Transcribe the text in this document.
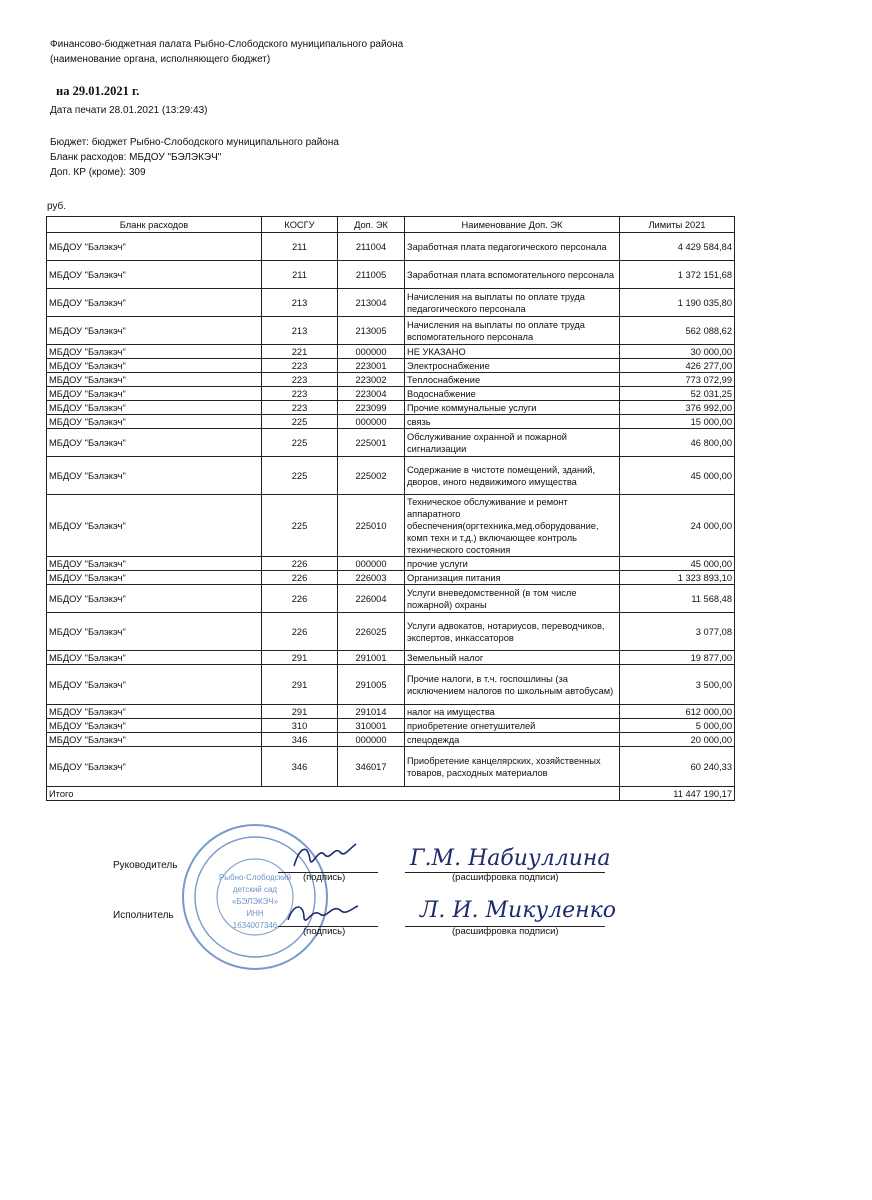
Финансово-бюджетная палата Рыбно-Слободского муниципального района
(наименование органа, исполняющего бюджет)
на 29.01.2021 г.
Дата печати 28.01.2021 (13:29:43)
Бюджет: бюджет Рыбно-Слободского муниципального района
Бланк расходов: МБДОУ "БЭЛЭКЭЧ"
Доп. КР (кроме): 309
руб.
Бланк расходов	КОСГУ	Доп. ЭК	Наименование Доп. ЭК	Лимиты 2021
МБДОУ "Бэлэкэч"	211	211004	Заработная плата педагогического персонала	4 429 584,84
МБДОУ "Бэлэкэч"	211	211005	Заработная плата вспомогательного персонала	1 372 151,68
МБДОУ "Бэлэкэч"	213	213004	Начисления на выплаты по оплате труда педагогического персонала	1 190 035,80
МБДОУ "Бэлэкэч"	213	213005	Начисления на выплаты по оплате труда вспомогательного персонала	562 088,62
МБДОУ "Бэлэкэч"	221	000000	НЕ УКАЗАНО	30 000,00
МБДОУ "Бэлэкэч"	223	223001	Электроснабжение	426 277,00
МБДОУ "Бэлэкэч"	223	223002	Теплоснабжение	773 072,99
МБДОУ "Бэлэкэч"	223	223004	Водоснабжение	52 031,25
МБДОУ "Бэлэкэч"	223	223099	Прочие коммунальные услуги	376 992,00
МБДОУ "Бэлэкэч"	225	000000	связь	15 000,00
МБДОУ "Бэлэкэч"	225	225001	Обслуживание охранной и пожарной сигнализации	46 800,00
МБДОУ "Бэлэкэч"	225	225002	Содержание в чистоте помещений, зданий, дворов, иного недвижимого имущества	45 000,00
МБДОУ "Бэлэкэч"	225	225010	Техническое обслуживание и ремонт аппаратного обеспечения(оргтехника,мед.оборудование, комп техн и т.д.) включающее контроль технического состояния	24 000,00
МБДОУ "Бэлэкэч"	226	000000	прочие услуги	45 000,00
МБДОУ "Бэлэкэч"	226	226003	Организация питания	1 323 893,10
МБДОУ "Бэлэкэч"	226	226004	Услуги вневедомственной (в том числе пожарной) охраны	11 568,48
МБДОУ "Бэлэкэч"	226	226025	Услуги адвокатов, нотариусов, переводчиков, экспертов, инкассаторов	3 077,08
МБДОУ "Бэлэкэч"	291	291001	Земельный налог	19 877,00
МБДОУ "Бэлэкэч"	291	291005	Прочие налоги, в т.ч. госпошлины (за исключением налогов по школьным автобусам)	3 500,00
МБДОУ "Бэлэкэч"	291	291014	налог на имущества	612 000,00
МБДОУ "Бэлэкэч"	310	310001	приобретение огнетушителей	5 000,00
МБДОУ "Бэлэкэч"	346	000000	спецодежда	20 000,00
МБДОУ "Бэлэкэч"	346	346017	Приобретение канцелярских, хозяйственных товаров, расходных материалов	60 240,33
Итого				11 447 190,17
Рыбно-Слободский
детский сад
«БЭЛЭКЭЧ»
ИНН
1634007346
Руководитель
(подпись)
Г.М. Набиуллина
(расшифровка подписи)
Исполнитель
(подпись)
Л. И. Микуленко
(расшифровка подписи)
